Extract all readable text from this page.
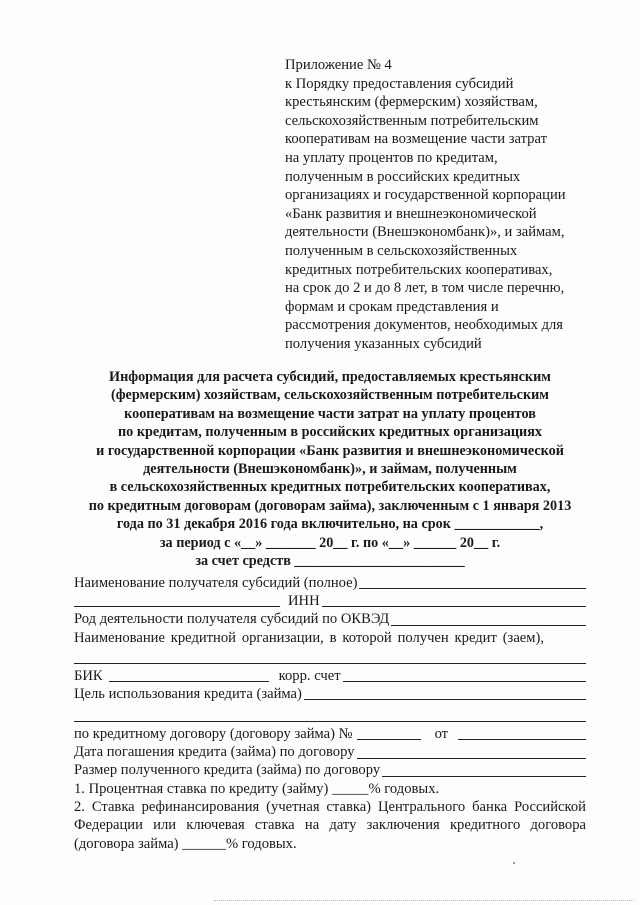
Приложение № 4
к Порядку предоставления субсидий
крестьянским (фермерским) хозяйствам,
сельскохозяйственным потребительским
кооперативам на возмещение части затрат
на уплату процентов по кредитам,
полученным в российских кредитных
организациях и государственной корпорации
«Банк развития и внешнеэкономической
деятельности (Внешэкономбанк)», и займам,
полученным в сельскохозяйственных
кредитных потребительских кооперативах,
на срок до 2 и до 8 лет, в том числе перечню,
формам и срокам представления и
рассмотрения документов, необходимых для
получения указанных субсидий
Информация для расчета субсидий, предоставляемых крестьянским
(фермерским) хозяйствам, сельскохозяйственным потребительским
кооперативам на возмещение части затрат на уплату процентов
по кредитам, полученным в российских кредитных организациях
и государственной корпорации «Банк развития и внешнеэкономической
деятельности (Внешэкономбанк)», и займам, полученным
в сельскохозяйственных кредитных потребительских кооперативах,
по кредитным договорам (договорам займа), заключенным с 1 января 2013
года по 31 декабря 2016 года включительно, на срок ____________,
за период с «__» _______ 20__ г. по «__» ______ 20__ г.
за счет средств ________________________
Наименование получателя субсидий (полное)
ИНН
Род деятельности получателя субсидий по ОКВЭД
Наименование кредитной организации, в которой получен кредит (заем),
БИК	корр. счет
Цель использования кредита (займа)
по кредитному договору (договору займа) №	от
Дата погашения кредита (займа) по договору
Размер полученного кредита (займа) по договору
1. Процентная ставка по кредиту (займу) _____% годовых.
2. Ставка рефинансирования (учетная ставка) Центрального банка Российской Федерации или ключевая ставка на дату заключения кредитного договора (договора займа) ______% годовых.
